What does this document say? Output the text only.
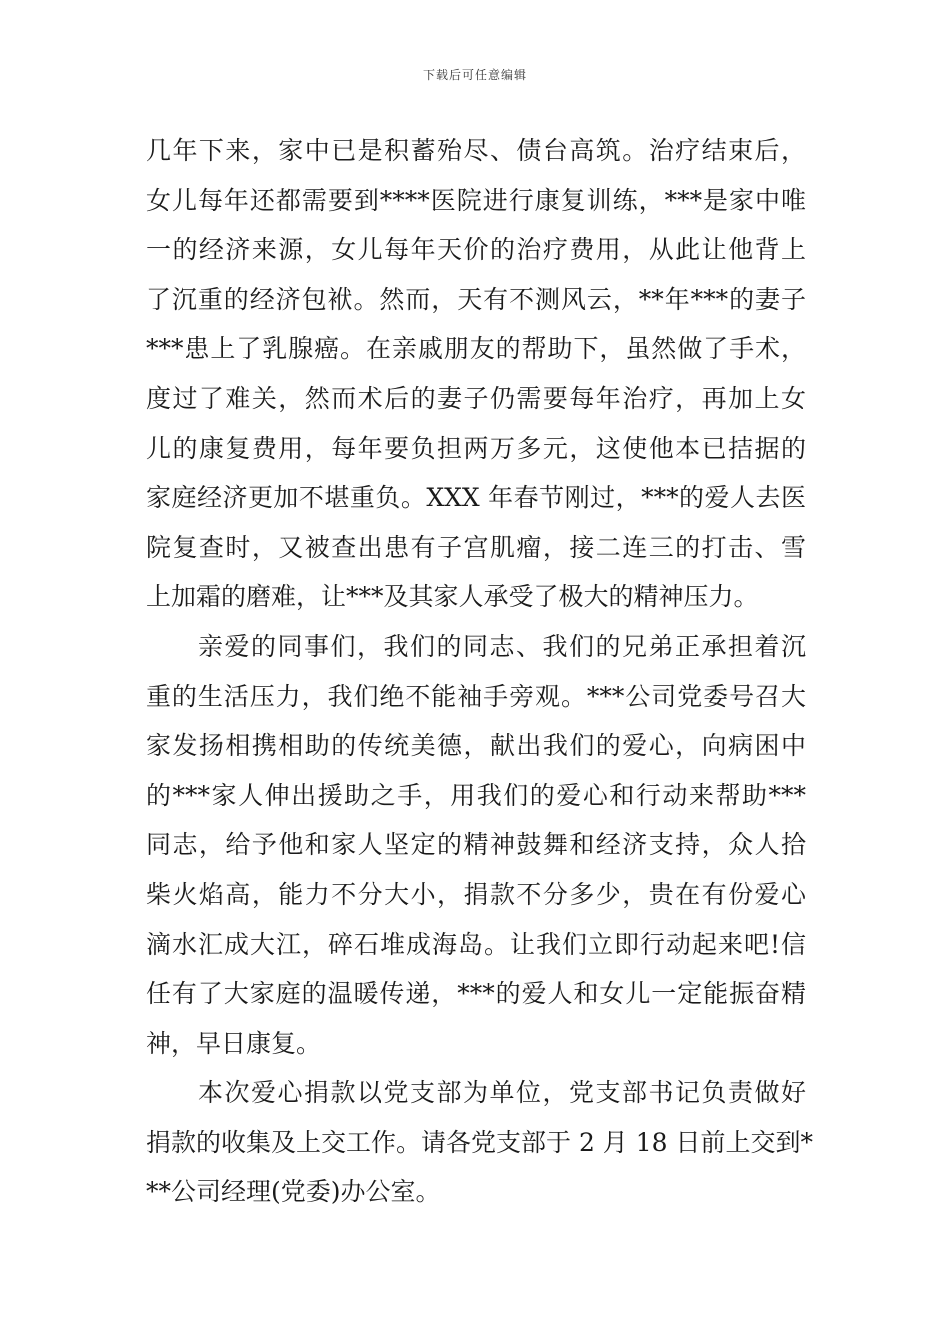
下载后可任意编辑
几年下来，家中已是积蓄殆尽、债台高筑。治疗结束后，
女儿每年还都需要到****医院进行康复训练，***是家中唯
一的经济来源，女儿每年天价的治疗费用，从此让他背上
了沉重的经济包袱。然而，天有不测风云，**年***的妻子
***患上了乳腺癌。在亲戚朋友的帮助下，虽然做了手术，
度过了难关，然而术后的妻子仍需要每年治疗，再加上女
儿的康复费用，每年要负担两万多元，这使他本已拮据的
家庭经济更加不堪重负。XXX 年春节刚过，***的爱人去医
院复查时，又被查出患有子宫肌瘤，接二连三的打击、雪
上加霜的磨难，让***及其家人承受了极大的精神压力。
亲爱的同事们，我们的同志、我们的兄弟正承担着沉
重的生活压力，我们绝不能袖手旁观。***公司党委号召大
家发扬相携相助的传统美德，献出我们的爱心，向病困中
的***家人伸出援助之手，用我们的爱心和行动来帮助***
同志，给予他和家人坚定的精神鼓舞和经济支持，众人拾
柴火焰高，能力不分大小，捐款不分多少，贵在有份爱心
滴水汇成大江，碎石堆成海岛。让我们立即行动起来吧!信
任有了大家庭的温暖传递，***的爱人和女儿一定能振奋精
神，早日康复。
本次爱心捐款以党支部为单位，党支部书记负责做好
捐款的收集及上交工作。请各党支部于 2 月 18 日前上交到*
**公司经理(党委)办公室。
